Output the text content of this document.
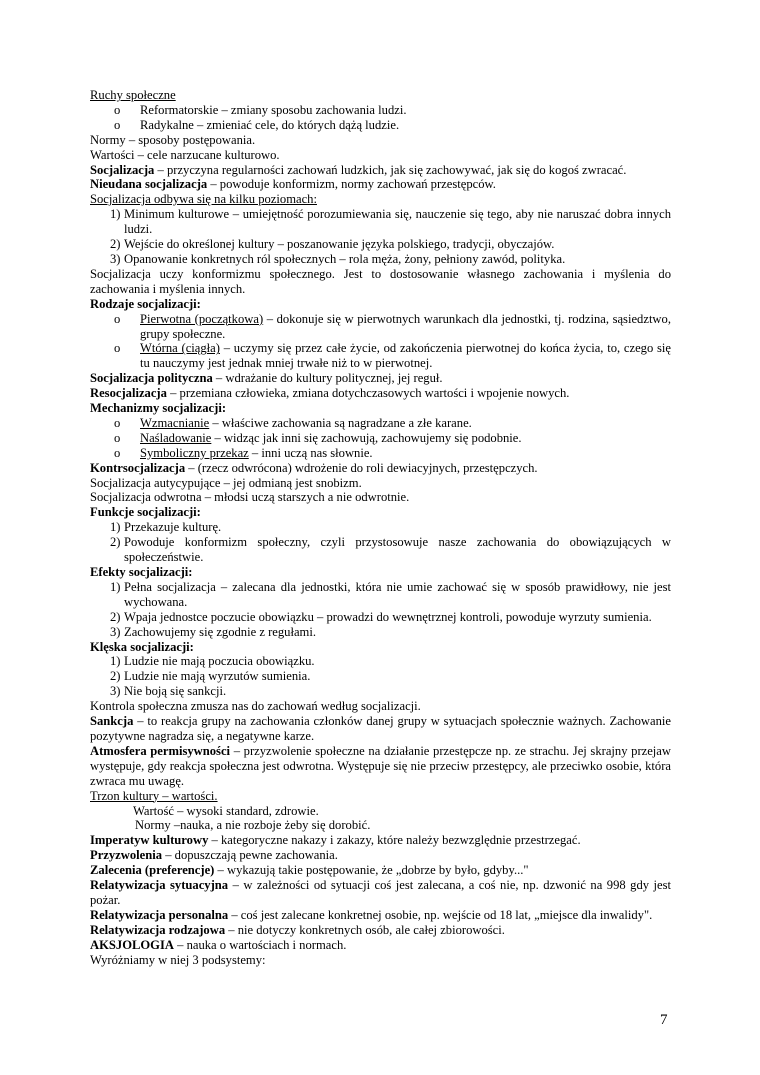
Ruchy społeczne

o Reformatorskie – zmiany sposobu zachowania ludzi.
o Radykalne – zmieniać cele, do których dążą ludzie.

Normy – sposoby postępowania.

Wartości – cele narzucane kulturowo.

Socjalizacja – przyczyna regularności zachowań ludzkich, jak się zachowywać, jak się do kogoś zwracać.

Nieudana socjalizacja – powoduje konformizm, normy zachowań przestępców.

Socjalizacja odbywa się na kilku poziomach:

1) Minimum kulturowe – umiejętność porozumiewania się, nauczenie się tego, aby nie naruszać dobra innych ludzi.
2) Wejście do określonej kultury – poszanowanie języka polskiego, tradycji, obyczajów.
3) Opanowanie konkretnych ról społecznych – rola męża, żony, pełniony zawód, polityka.

Socjalizacja uczy konformizmu społecznego. Jest to dostosowanie własnego zachowania i myślenia do zachowania i myślenia innych.

Rodzaje socjalizacji:

o Pierwotna (początkowa) – dokonuje się w pierwotnych warunkach dla jednostki, tj. rodzina, sąsiedztwo, grupy społeczne.
o Wtórna (ciągła) – uczymy się przez całe życie, od zakończenia pierwotnej do końca życia, to, czego się tu nauczymy jest jednak mniej trwałe niż to w pierwotnej.

Socjalizacja polityczna – wdrażanie do kultury politycznej, jej reguł.

Resocjalizacja – przemiana człowieka, zmiana dotychczasowych wartości i wpojenie nowych.

Mechanizmy socjalizacji:

o Wzmacnianie – właściwe zachowania są nagradzane a złe karane.
o Naśladowanie – widząc jak inni się zachowują, zachowujemy się podobnie.
o Symboliczny przekaz – inni uczą nas słownie.

Kontrsocjalizacja – (rzecz odwrócona) wdrożenie do roli dewiacyjnych, przestępczych.

Socjalizacja autycypujące – jej odmianą jest snobizm.

Socjalizacja odwrotna – młodsi uczą starszych a nie odwrotnie.

Funkcje socjalizacji:

1) Przekazuje kulturę.
2) Powoduje konformizm społeczny, czyli przystosowuje nasze zachowania do obowiązujących w społeczeństwie.

Efekty socjalizacji:

1) Pełna socjalizacja – zalecana dla jednostki, która nie umie zachować się w sposób prawidłowy, nie jest wychowana.
2) Wpaja jednostce poczucie obowiązku – prowadzi do wewnętrznej kontroli, powoduje wyrzuty sumienia.
3) Zachowujemy się zgodnie z regułami.

Klęska socjalizacji:

1) Ludzie nie mają poczucia obowiązku.
2) Ludzie nie mają wyrzutów sumienia.
3) Nie boją się sankcji.

Kontrola społeczna zmusza nas do zachowań według socjalizacji.

Sankcja – to reakcja grupy na zachowania członków danej grupy w sytuacjach społecznie ważnych. Zachowanie pozytywne nagradza się, a negatywne karze.

Atmosfera permisywności – przyzwolenie społeczne na działanie przestępcze np. ze strachu. Jej skrajny przejaw występuje, gdy reakcja społeczna jest odwrotna. Występuje się nie przeciw przestępcy, ale przeciwko osobie, która zwraca mu uwagę.

Trzon kultury – wartości.

Wartość – wysoki standard, zdrowie.

Normy –nauka, a nie rozboje żeby się dorobić.

Imperatyw kulturowy – kategoryczne nakazy i zakazy, które należy bezwzględnie przestrzegać.

Przyzwolenia – dopuszczają pewne zachowania.

Zalecenia (preferencje) – wykazują takie postępowanie, że „dobrze by było, gdyby..."

Relatywizacja sytuacyjna – w zależności od sytuacji coś jest zalecana, a coś nie, np. dzwonić na 998 gdy jest pożar.

Relatywizacja personalna – coś jest zalecane konkretnej osobie, np. wejście od 18 lat, „miejsce dla inwalidy".

Relatywizacja rodzajowa – nie dotyczy konkretnych osób, ale całej zbiorowości.

AKSJOLOGIA – nauka o wartościach i normach.

Wyróżniamy w niej 3 podsystemy:

7
